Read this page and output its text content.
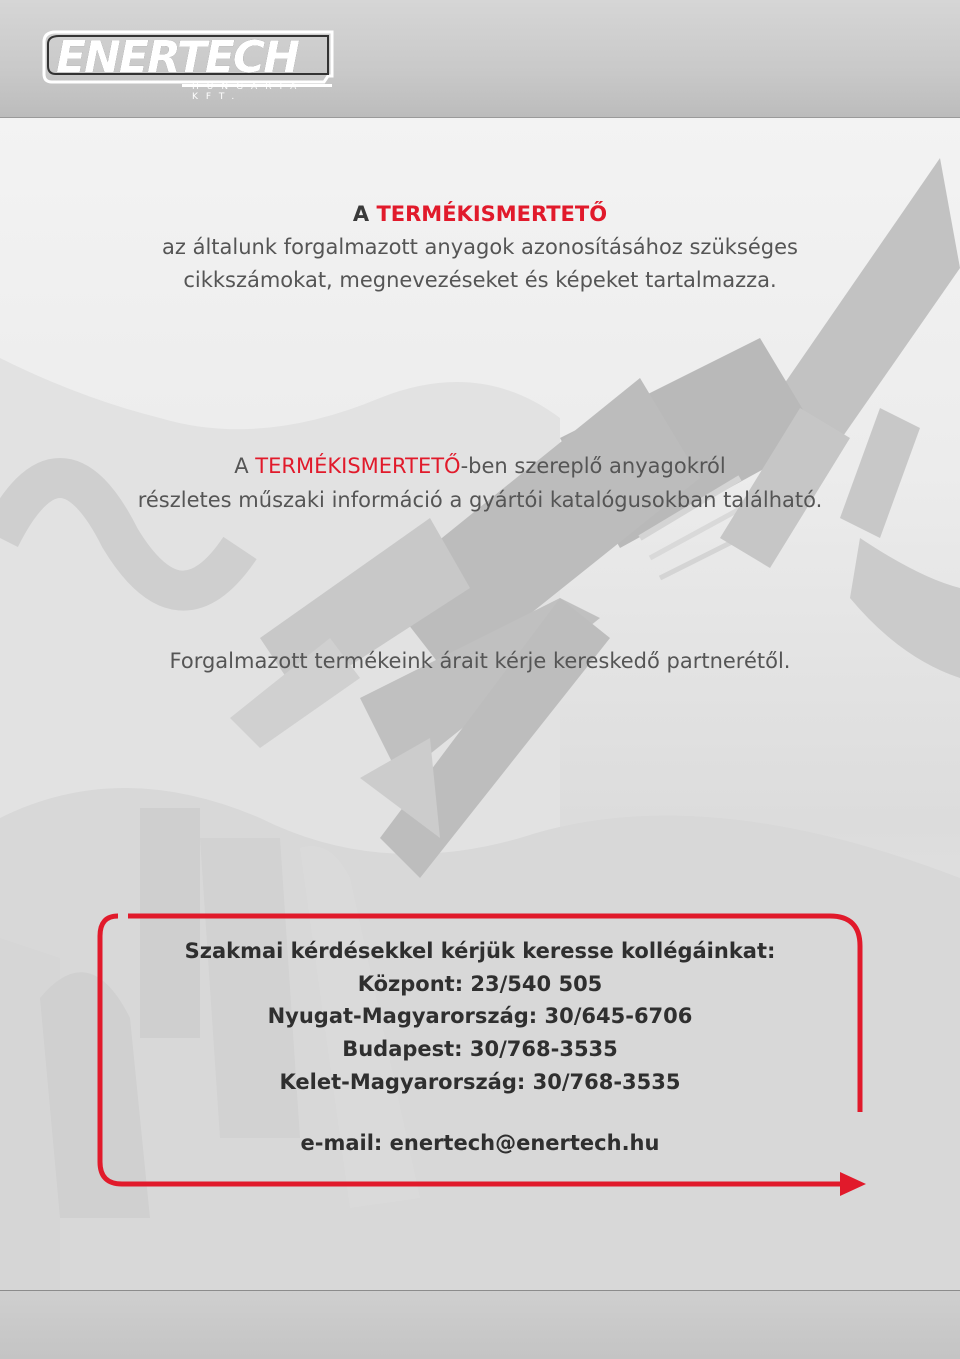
ENERTECH
HUNGÁRIA KFT.
A TERMÉKISMERTETŐ
az általunk forgalmazott anyagok azonosításához szükséges
cikkszámokat, megnevezéseket és képeket tartalmazza.
A TERMÉKISMERTETŐ-ben szereplő anyagokról
részletes műszaki információ a gyártói katalógusokban található.
Forgalmazott termékeink árait kérje kereskedő partnerétől.
Szakmai kérdésekkel kérjük keresse kollégáinkat:
Központ: 23/540 505
Nyugat-Magyarország: 30/645-6706
Budapest: 30/768-3535
Kelet-Magyarország: 30/768-3535
e-mail: enertech@enertech.hu
